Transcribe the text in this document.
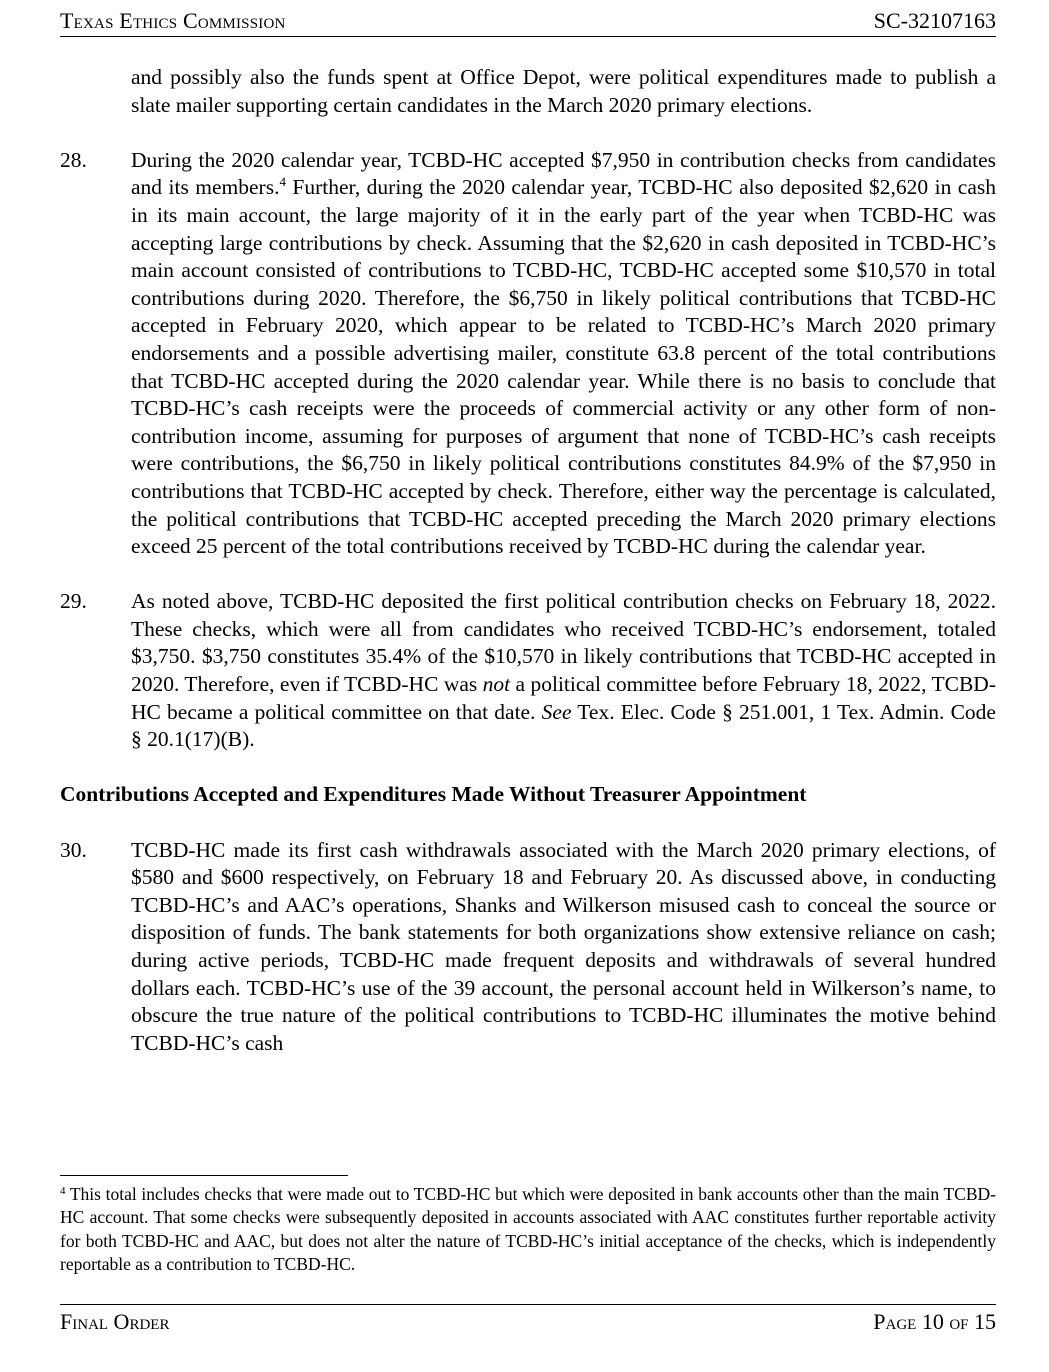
Texas Ethics Commission	SC-32107163
and possibly also the funds spent at Office Depot, were political expenditures made to publish a slate mailer supporting certain candidates in the March 2020 primary elections.
28. During the 2020 calendar year, TCBD-HC accepted $7,950 in contribution checks from candidates and its members.$^4$ Further, during the 2020 calendar year, TCBD-HC also deposited $2,620 in cash in its main account, the large majority of it in the early part of the year when TCBD-HC was accepting large contributions by check. Assuming that the $2,620 in cash deposited in TCBD-HC’s main account consisted of contributions to TCBD-HC, TCBD-HC accepted some $10,570 in total contributions during 2020. Therefore, the $6,750 in likely political contributions that TCBD-HC accepted in February 2020, which appear to be related to TCBD-HC’s March 2020 primary endorsements and a possible advertising mailer, constitute 63.8 percent of the total contributions that TCBD-HC accepted during the 2020 calendar year. While there is no basis to conclude that TCBD-HC’s cash receipts were the proceeds of commercial activity or any other form of non-contribution income, assuming for purposes of argument that none of TCBD-HC’s cash receipts were contributions, the $6,750 in likely political contributions constitutes 84.9% of the $7,950 in contributions that TCBD-HC accepted by check. Therefore, either way the percentage is calculated, the political contributions that TCBD-HC accepted preceding the March 2020 primary elections exceed 25 percent of the total contributions received by TCBD-HC during the calendar year.
29. As noted above, TCBD-HC deposited the first political contribution checks on February 18, 2022. These checks, which were all from candidates who received TCBD-HC’s endorsement, totaled $3,750. $3,750 constitutes 35.4% of the $10,570 in likely contributions that TCBD-HC accepted in 2020. Therefore, even if TCBD-HC was not a political committee before February 18, 2022, TCBD-HC became a political committee on that date. See Tex. Elec. Code § 251.001, 1 Tex. Admin. Code § 20.1(17)(B).
Contributions Accepted and Expenditures Made Without Treasurer Appointment
30. TCBD-HC made its first cash withdrawals associated with the March 2020 primary elections, of $580 and $600 respectively, on February 18 and February 20. As discussed above, in conducting TCBD-HC’s and AAC’s operations, Shanks and Wilkerson misused cash to conceal the source or disposition of funds. The bank statements for both organizations show extensive reliance on cash; during active periods, TCBD-HC made frequent deposits and withdrawals of several hundred dollars each. TCBD-HC’s use of the 39 account, the personal account held in Wilkerson’s name, to obscure the true nature of the political contributions to TCBD-HC illuminates the motive behind TCBD-HC’s cash
$^4$ This total includes checks that were made out to TCBD-HC but which were deposited in bank accounts other than the main TCBD-HC account. That some checks were subsequently deposited in accounts associated with AAC constitutes further reportable activity for both TCBD-HC and AAC, but does not alter the nature of TCBD-HC’s initial acceptance of the checks, which is independently reportable as a contribution to TCBD-HC.
Final Order	Page 10 of 15
